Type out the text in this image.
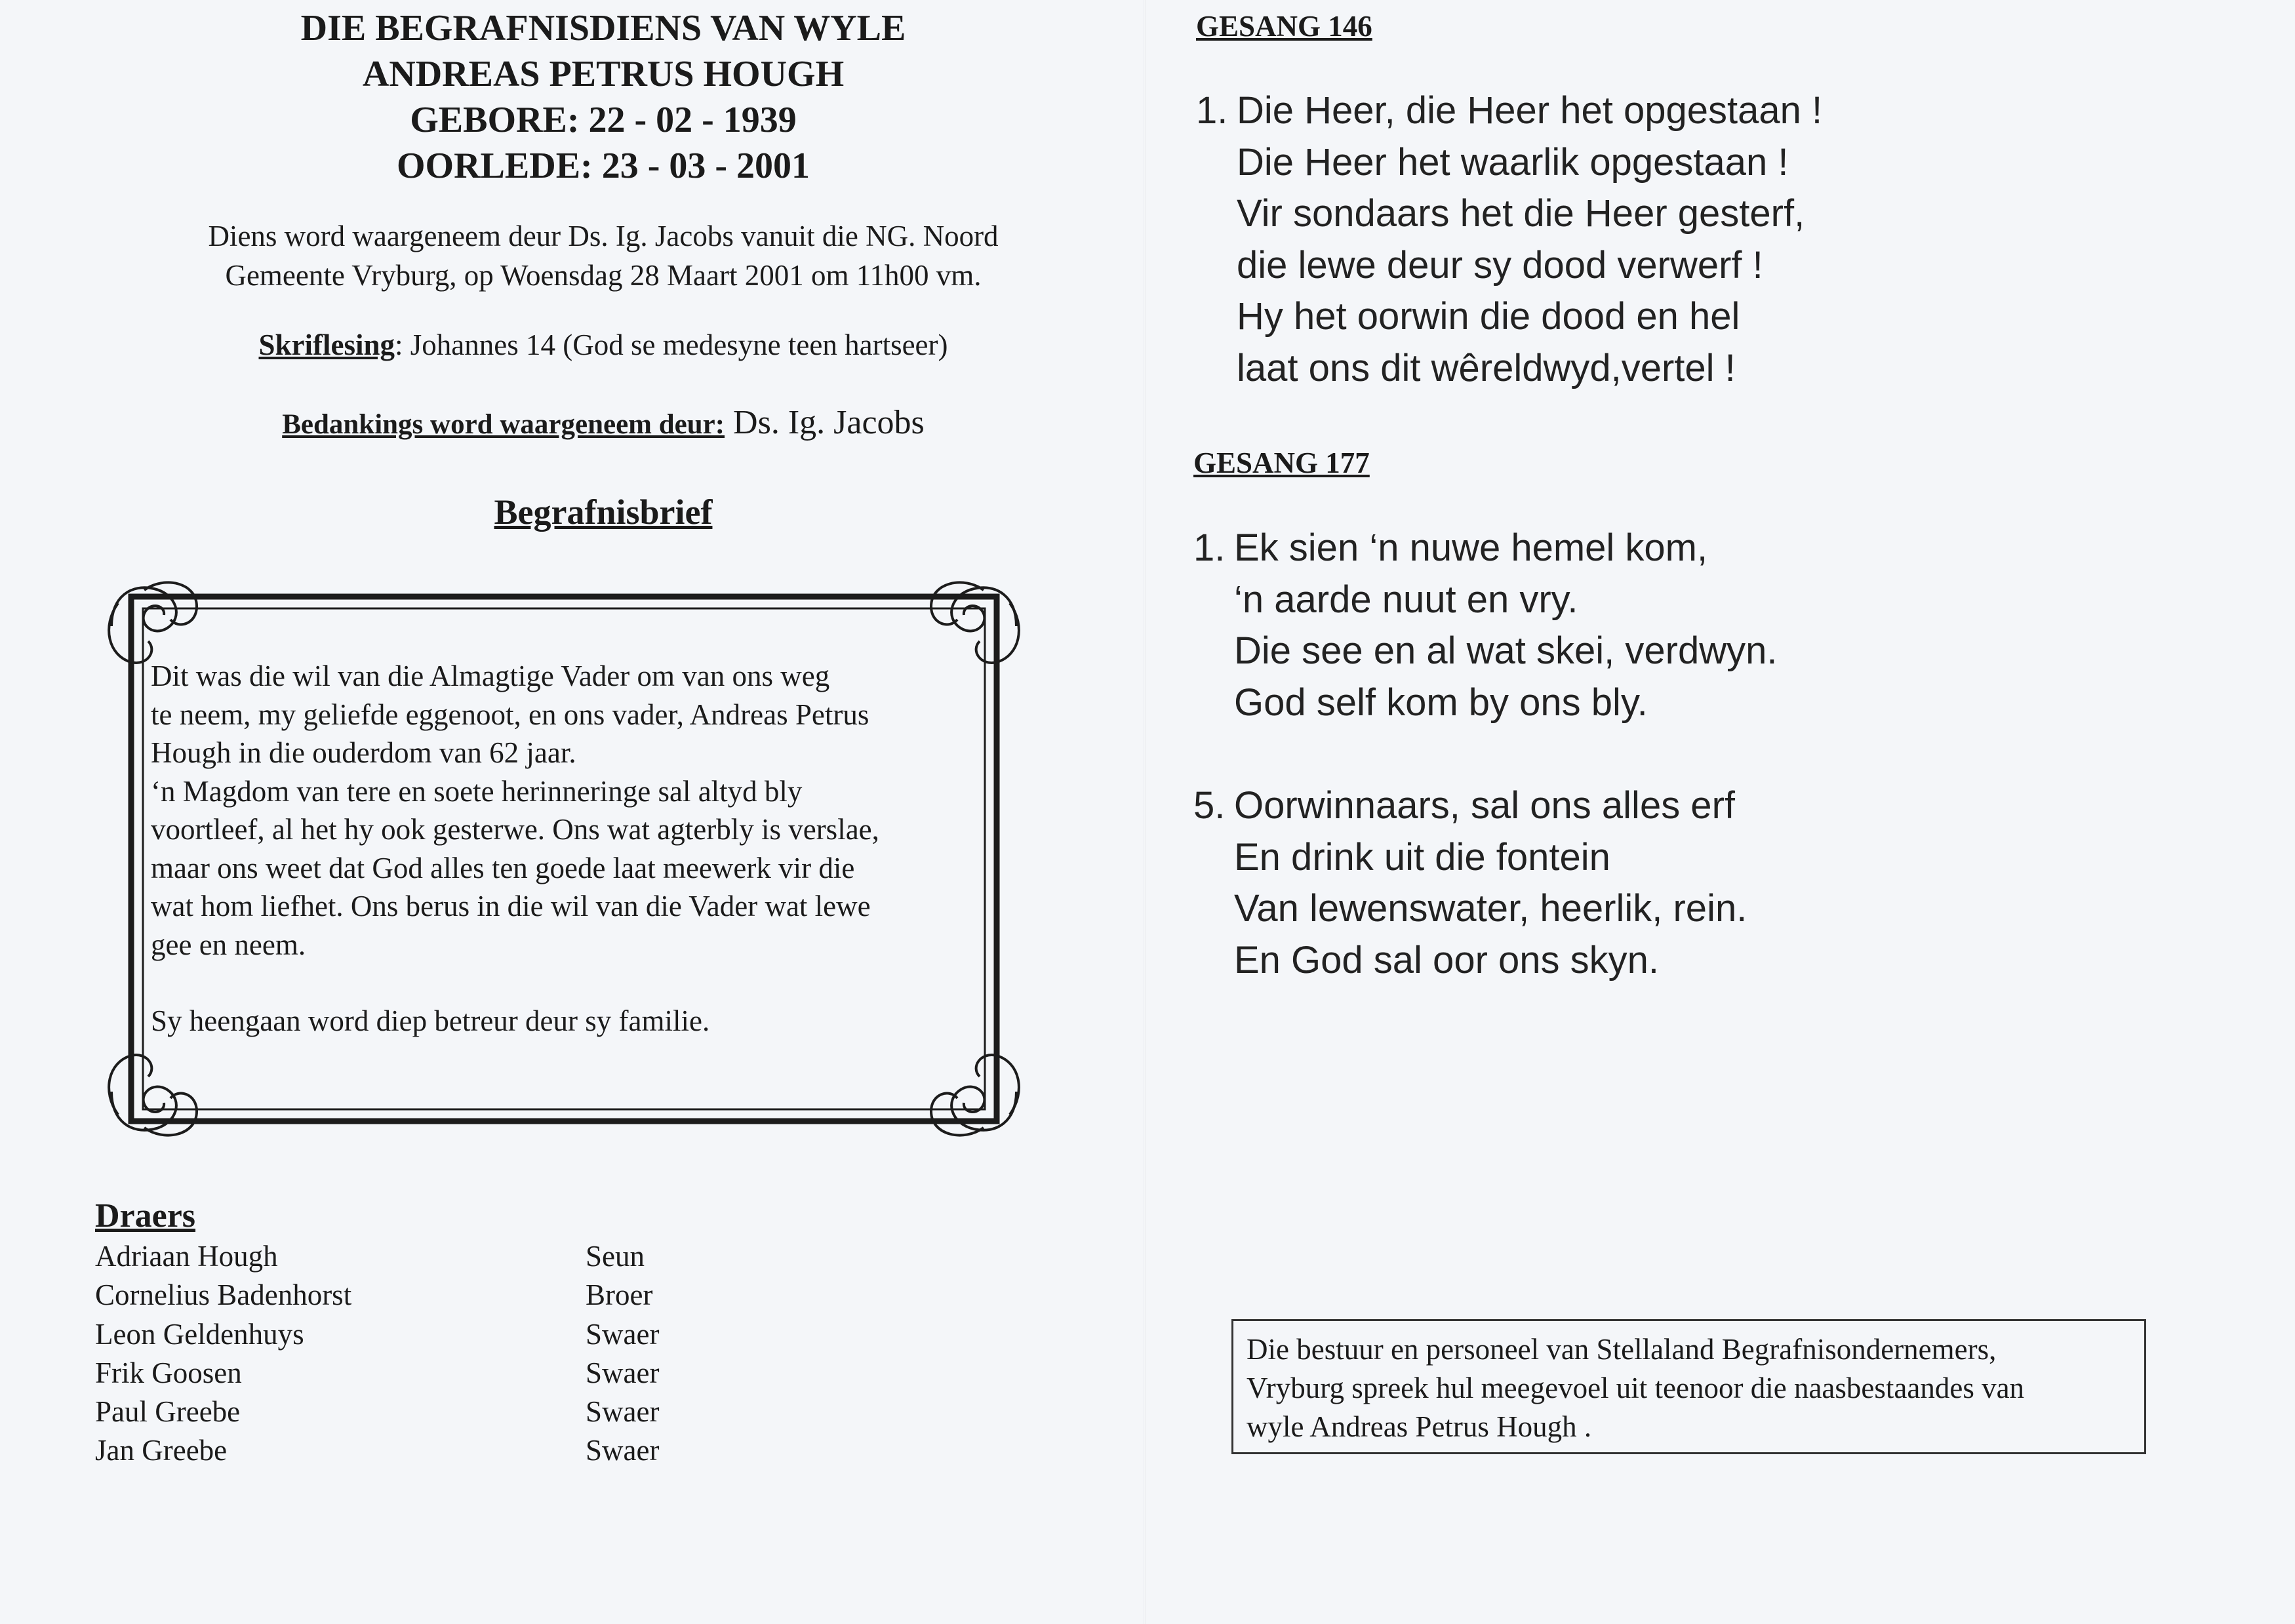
DIE BEGRAFNISDIENS VAN WYLE
ANDREAS PETRUS HOUGH
GEBORE: 22 - 02 - 1939
OORLEDE: 23 - 03 - 2001
Diens word waargeneem deur Ds. Ig. Jacobs vanuit die NG. Noord
Gemeente Vryburg, op Woensdag 28 Maart 2001 om 11h00 vm.
Skriflesing: Johannes 14 (God se medesyne teen hartseer)
Bedankings word waargeneem deur: Ds. Ig. Jacobs
Begrafnisbrief

Dit was die wil van die Almagtige Vader om van ons weg

te neem, my geliefde eggenoot, en ons vader, Andreas Petrus

Hough in die ouderdom van 62 jaar.

‘n Magdom van tere en soete herinneringe sal altyd bly

voortleef, al het hy ook gesterwe. Ons wat agterbly is verslae,

maar ons weet dat God alles ten goede laat meewerk vir die

wat hom liefhet. Ons berus in die wil van die Vader wat lewe

gee en neem.

Sy heengaan word diep betreur deur sy familie.

Draers
Adriaan Hough	Seun
Cornelius Badenhorst	Broer
Leon Geldenhuys	Swaer
Frik Goosen	Swaer
Paul Greebe	Swaer
Jan Greebe	Swaer
GESANG 146
1. Die Heer, die Heer het opgestaan !
Die Heer het waarlik opgestaan !
Vir sondaars het die Heer gesterf,
die lewe deur sy dood verwerf !
Hy het oorwin die dood en hel
laat ons dit wêreldwyd,vertel !
GESANG 177
1. Ek sien ‘n nuwe hemel kom,
‘n aarde nuut en vry.
Die see en al wat skei, verdwyn.
God self kom by ons bly.
5. Oorwinnaars, sal ons alles erf
En drink uit die fontein
Van lewenswater, heerlik, rein.
En God sal oor ons skyn.
Die bestuur en personeel van Stellaland Begrafnisondernemers,
Vryburg spreek hul meegevoel uit teenoor die naasbestaandes van
wyle Andreas Petrus Hough .
